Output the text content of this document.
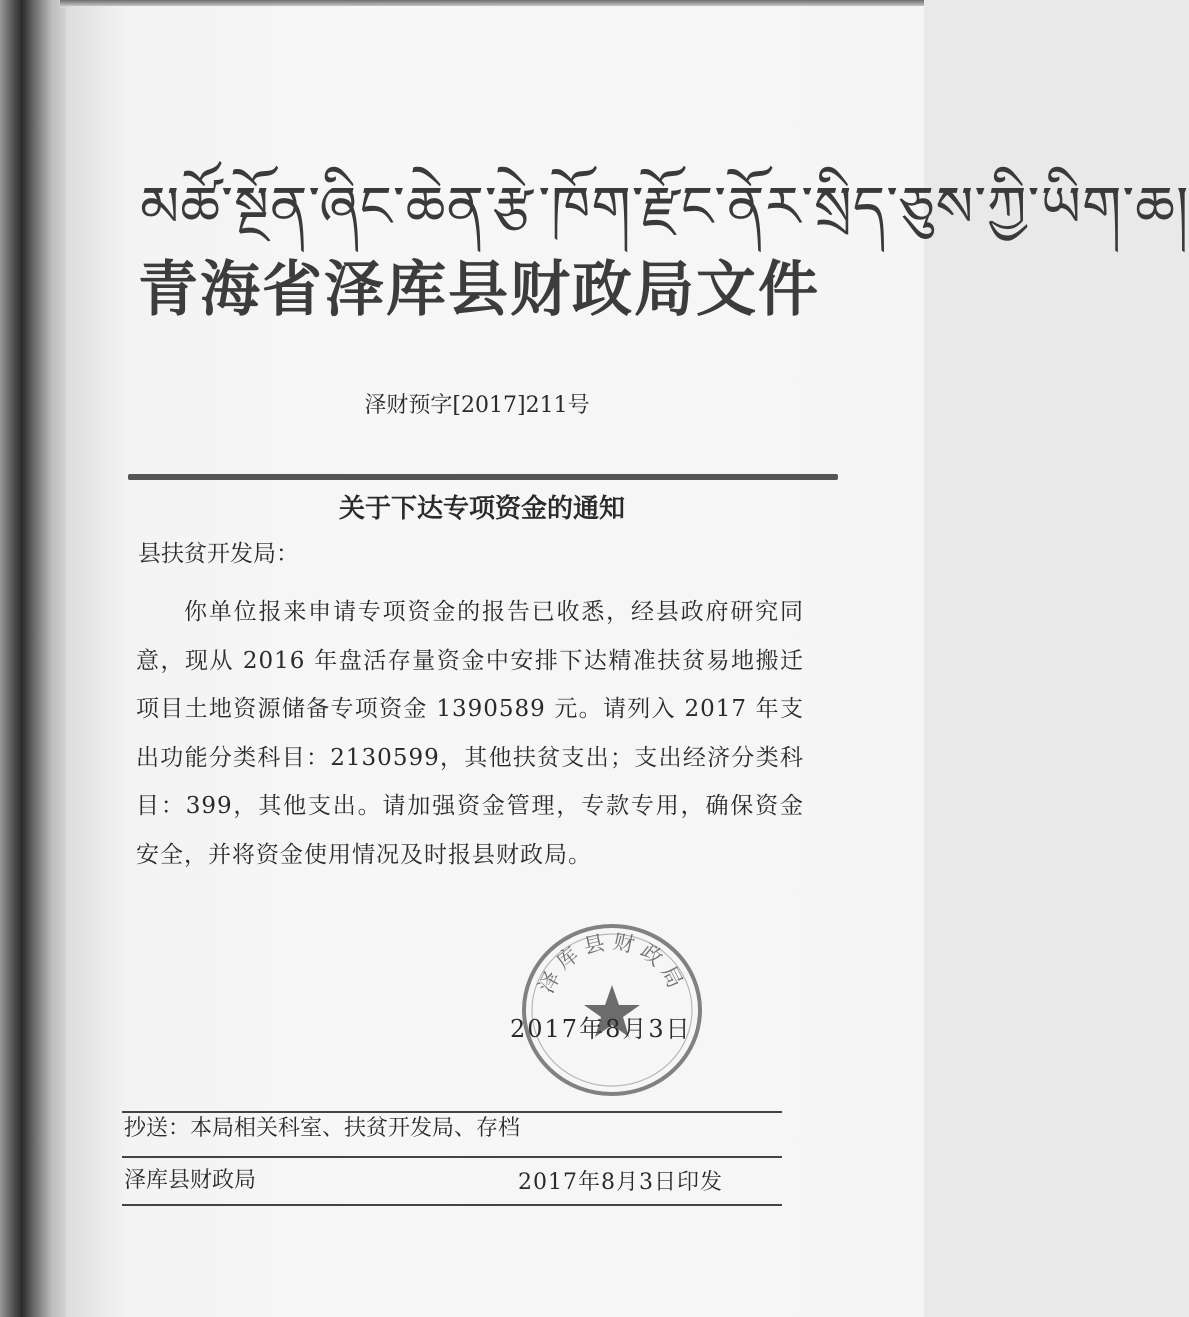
མཚོ་སྔོན་ཞིང་ཆེན་རྩེ་ཁོག་རྫོང་ནོར་སྲིད་ཅུས་ཀྱི་ཡིག་ཆ།
青海省泽库县财政局文件
泽财预字[2017]211号
关于下达专项资金的通知
县扶贫开发局：

你单位报来申请专项资金的报告已收悉，经县政府研究同意，现从 2016 年盘活存量资金中安排下达精准扶贫易地搬迁项目土地资源储备专项资金 1390589 元。请列入 2017 年支出功能分类科目：2130599，其他扶贫支出；支出经济分类科目：399，其他支出。请加强资金管理，专款专用，确保资金安全，并将资金使用情况及时报县财政局。

泽库县财政局
2017年8月3日
抄送：本局相关科室、扶贫开发局、存档
泽库县财政局	2017年8月3日印发
